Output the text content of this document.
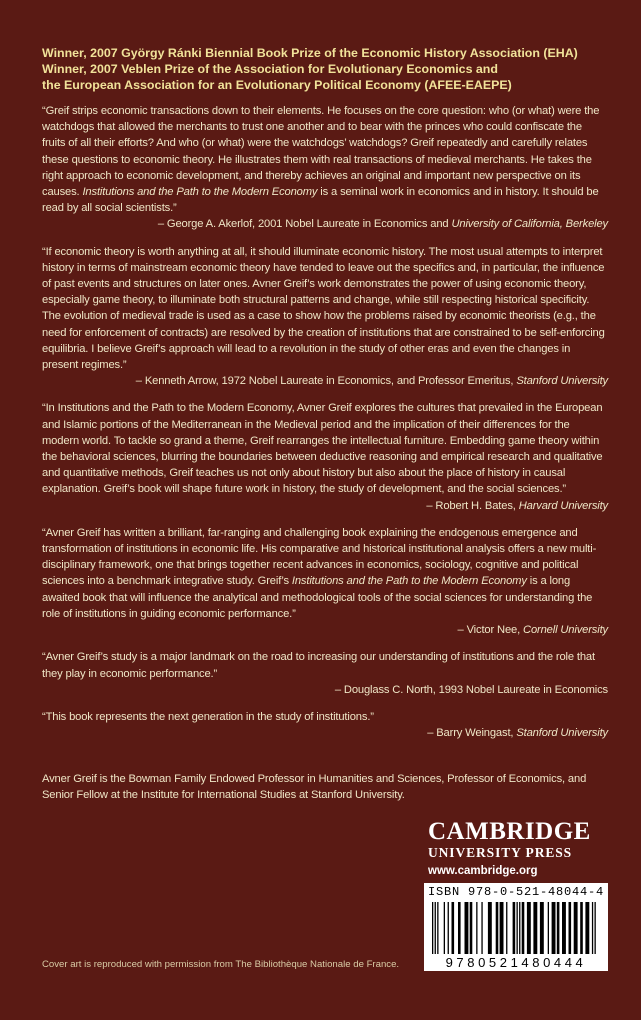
Winner, 2007 György Ránki Biennial Book Prize of the Economic History Association (EHA)
Winner, 2007 Veblen Prize of the Association for Evolutionary Economics and
the European Association for an Evolutionary Political Economy (AFEE-EAEPE)

“Greif strips economic transactions down to their elements. He focuses on the core question: who (or what) were the watchdogs that allowed the merchants to trust one another and to bear with the princes who could confiscate the fruits of all their efforts? And who (or what) were the watchdogs’ watchdogs? Greif repeatedly and carefully relates these questions to economic theory. He illustrates them with real transactions of medieval merchants. He takes the right approach to economic development, and thereby achieves an original and important new perspective on its causes. Institutions and the Path to the Modern Economy is a seminal work in economics and in history. It should be read by all social scientists.”

– George A. Akerlof, 2001 Nobel Laureate in Economics and University of California, Berkeley

“If economic theory is worth anything at all, it should illuminate economic history. The most usual attempts to interpret history in terms of mainstream economic theory have tended to leave out the specifics and, in particular, the influence of past events and structures on later ones. Avner Greif’s work demonstrates the power of using economic theory, especially game theory, to illuminate both structural patterns and change, while still respecting historical specificity. The evolution of medieval trade is used as a case to show how the problems raised by economic theorists (e.g., the need for enforcement of contracts) are resolved by the creation of institutions that are constrained to be self-enforcing equilibria. I believe Greif’s approach will lead to a revolution in the study of other eras and even the changes in present regimes.”

– Kenneth Arrow, 1972 Nobel Laureate in Economics, and Professor Emeritus, Stanford University

“In Institutions and the Path to the Modern Economy, Avner Greif explores the cultures that prevailed in the European and Islamic portions of the Mediterranean in the Medieval period and the implication of their differences for the modern world. To tackle so grand a theme, Greif rearranges the intellectual furniture. Embedding game theory within the behavioral sciences, blurring the boundaries between deductive reasoning and empirical research and qualitative and quantitative methods, Greif teaches us not only about history but also about the place of history in causal explanation. Greif’s book will shape future work in history, the study of development, and the social sciences.”

– Robert H. Bates, Harvard University

“Avner Greif has written a brilliant, far-ranging and challenging book explaining the endogenous emergence and transformation of institutions in economic life. His comparative and historical institutional analysis offers a new multi-disciplinary framework, one that brings together recent advances in economics, sociology, cognitive and political sciences into a benchmark integrative study. Greif’s Institutions and the Path to the Modern Economy is a long awaited book that will influence the analytical and methodological tools of the social sciences for understanding the role of institutions in guiding economic performance.”

– Victor Nee, Cornell University

“Avner Greif’s study is a major landmark on the road to increasing our understanding of institutions and the role that they play in economic performance.”

– Douglass C. North, 1993 Nobel Laureate in Economics

“This book represents the next generation in the study of institutions.”

– Barry Weingast, Stanford University

Avner Greif is the Bowman Family Endowed Professor in Humanities and Sciences, Professor of Economics, and Senior Fellow at the Institute for International Studies at Stanford University.

CAMBRIDGE
UNIVERSITY PRESS
www.cambridge.org
ISBN 978-0-521-48044-4
9780521480444

Cover art is reproduced with permission from The Bibliothèque Nationale de France.
